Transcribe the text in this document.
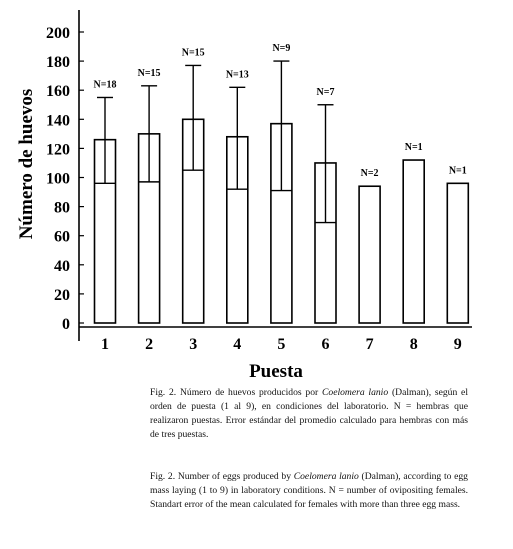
0
20
40
60
80
100
120
140
160
180
200
N=18
N=15
N=15
N=13
N=9
N=7
N=2
N=1
N=1
1 2 3 4 5 6 7 8 9
Puesta
Número de huevos
Fig. 2. Número de huevos producidos por Coelomera lanio (Dalman), según el orden de puesta (1 al 9), en condiciones del laboratorio. N = hembras que realizaron puestas. Error estándar del promedio calculado para hembras con más de tres puestas.
Fig. 2. Number of eggs produced by Coelomera lanio (Dalman), according to egg mass laying (1 to 9) in laboratory conditions. N = number of ovipositing females. Standart error of the mean calculated for females with more than three egg mass.
